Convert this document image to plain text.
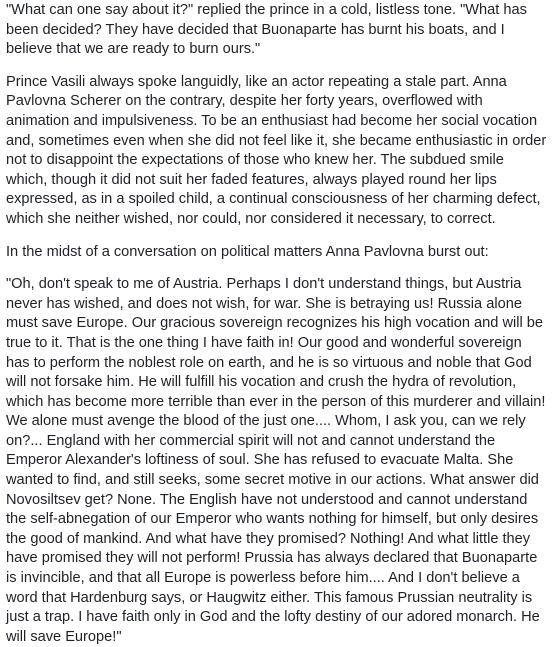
"What can one say about it?" replied the prince in a cold, listless tone. "What has been decided? They have decided that Buonaparte has burnt his boats, and I believe that we are ready to burn ours."

Prince Vasili always spoke languidly, like an actor repeating a stale part. Anna Pavlovna Scherer on the contrary, despite her forty years, overflowed with animation and impulsiveness. To be an enthusiast had become her social vocation and, sometimes even when she did not feel like it, she became enthusiastic in order not to disappoint the expectations of those who knew her. The subdued smile which, though it did not suit her faded features, always played round her lips expressed, as in a spoiled child, a continual consciousness of her charming defect, which she neither wished, nor could, nor considered it necessary, to correct.

In the midst of a conversation on political matters Anna Pavlovna burst out:

"Oh, don't speak to me of Austria. Perhaps I don't understand things, but Austria never has wished, and does not wish, for war. She is betraying us! Russia alone must save Europe. Our gracious sovereign recognizes his high vocation and will be true to it. That is the one thing I have faith in! Our good and wonderful sovereign has to perform the noblest role on earth, and he is so virtuous and noble that God will not forsake him. He will fulfill his vocation and crush the hydra of revolution, which has become more terrible than ever in the person of this murderer and villain! We alone must avenge the blood of the just one.... Whom, I ask you, can we rely on?... England with her commercial spirit will not and cannot understand the Emperor Alexander's loftiness of soul. She has refused to evacuate Malta. She wanted to find, and still seeks, some secret motive in our actions. What answer did Novosiltsev get? None. The English have not understood and cannot understand the self-abnegation of our Emperor who wants nothing for himself, but only desires the good of mankind. And what have they promised? Nothing! And what little they have promised they will not perform! Prussia has always declared that Buonaparte is invincible, and that all Europe is powerless before him.... And I don't believe a word that Hardenburg says, or Haugwitz either. This famous Prussian neutrality is just a trap. I have faith only in God and the lofty destiny of our adored monarch. He will save Europe!"
